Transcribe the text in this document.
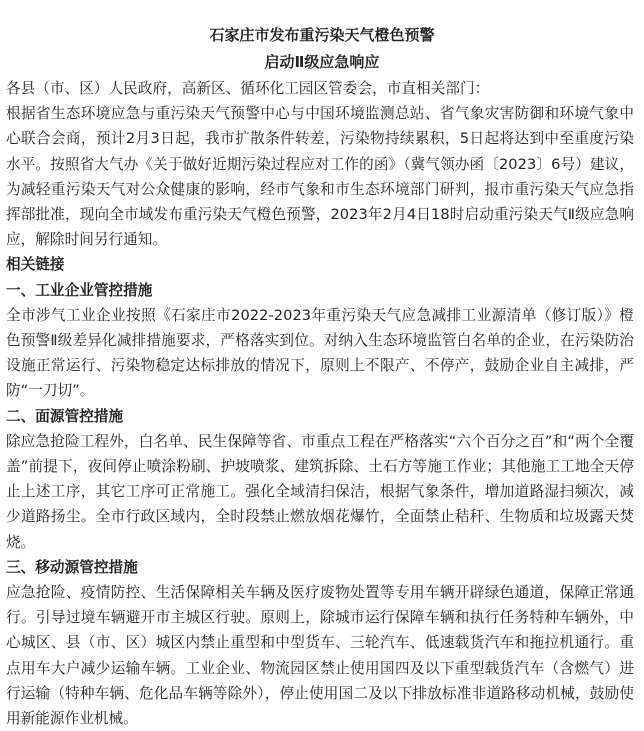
石家庄市发布重污染天气橙色预警

启动Ⅱ级应急响应

各县（市、区）人民政府，高新区、循环化工园区管委会，市直相关部门：

根据省生态环境应急与重污染天气预警中心与中国环境监测总站、省气象灾害防御和环境气象中心联合会商，预计2月3日起，我市扩散条件转差，污染物持续累积，5日起将达到中至重度污染水平。按照省大气办《关于做好近期污染过程应对工作的函》（冀气领办函〔2023〕6号）建议，为减轻重污染天气对公众健康的影响，经市气象和市生态环境部门研判，报市重污染天气应急指挥部批准，现向全市域发布重污染天气橙色预警，2023年2月4日18时启动重污染天气Ⅱ级应急响应，解除时间另行通知。

相关链接

一、工业企业管控措施

全市涉气工业企业按照《石家庄市2022-2023年重污染天气应急减排工业源清单（修订版）》橙色预警Ⅱ级差异化减排措施要求，严格落实到位。对纳入生态环境监管白名单的企业，在污染防治设施正常运行、污染物稳定达标排放的情况下，原则上不限产、不停产，鼓励企业自主减排，严防“一刀切”。

二、面源管控措施

除应急抢险工程外，白名单、民生保障等省、市重点工程在严格落实“六个百分之百”和“两个全覆盖”前提下，夜间停止喷涂粉刷、护坡喷浆、建筑拆除、土石方等施工作业；其他施工工地全天停止上述工序，其它工序可正常施工。强化全域清扫保洁，根据气象条件，增加道路湿扫频次，减少道路扬尘。全市行政区域内，全时段禁止燃放烟花爆竹，全面禁止秸秆、生物质和垃圾露天焚烧。

三、移动源管控措施

应急抢险、疫情防控、生活保障相关车辆及医疗废物处置等专用车辆开辟绿色通道，保障正常通行。引导过境车辆避开市主城区行驶。原则上，除城市运行保障车辆和执行任务特种车辆外，中心城区、县（市、区）城区内禁止重型和中型货车、三轮汽车、低速载货汽车和拖拉机通行。重点用车大户减少运输车辆。工业企业、物流园区禁止使用国四及以下重型载货汽车（含燃气）进行运输（特种车辆、危化品车辆等除外），停止使用国二及以下排放标准非道路移动机械，鼓励使用新能源作业机械。
